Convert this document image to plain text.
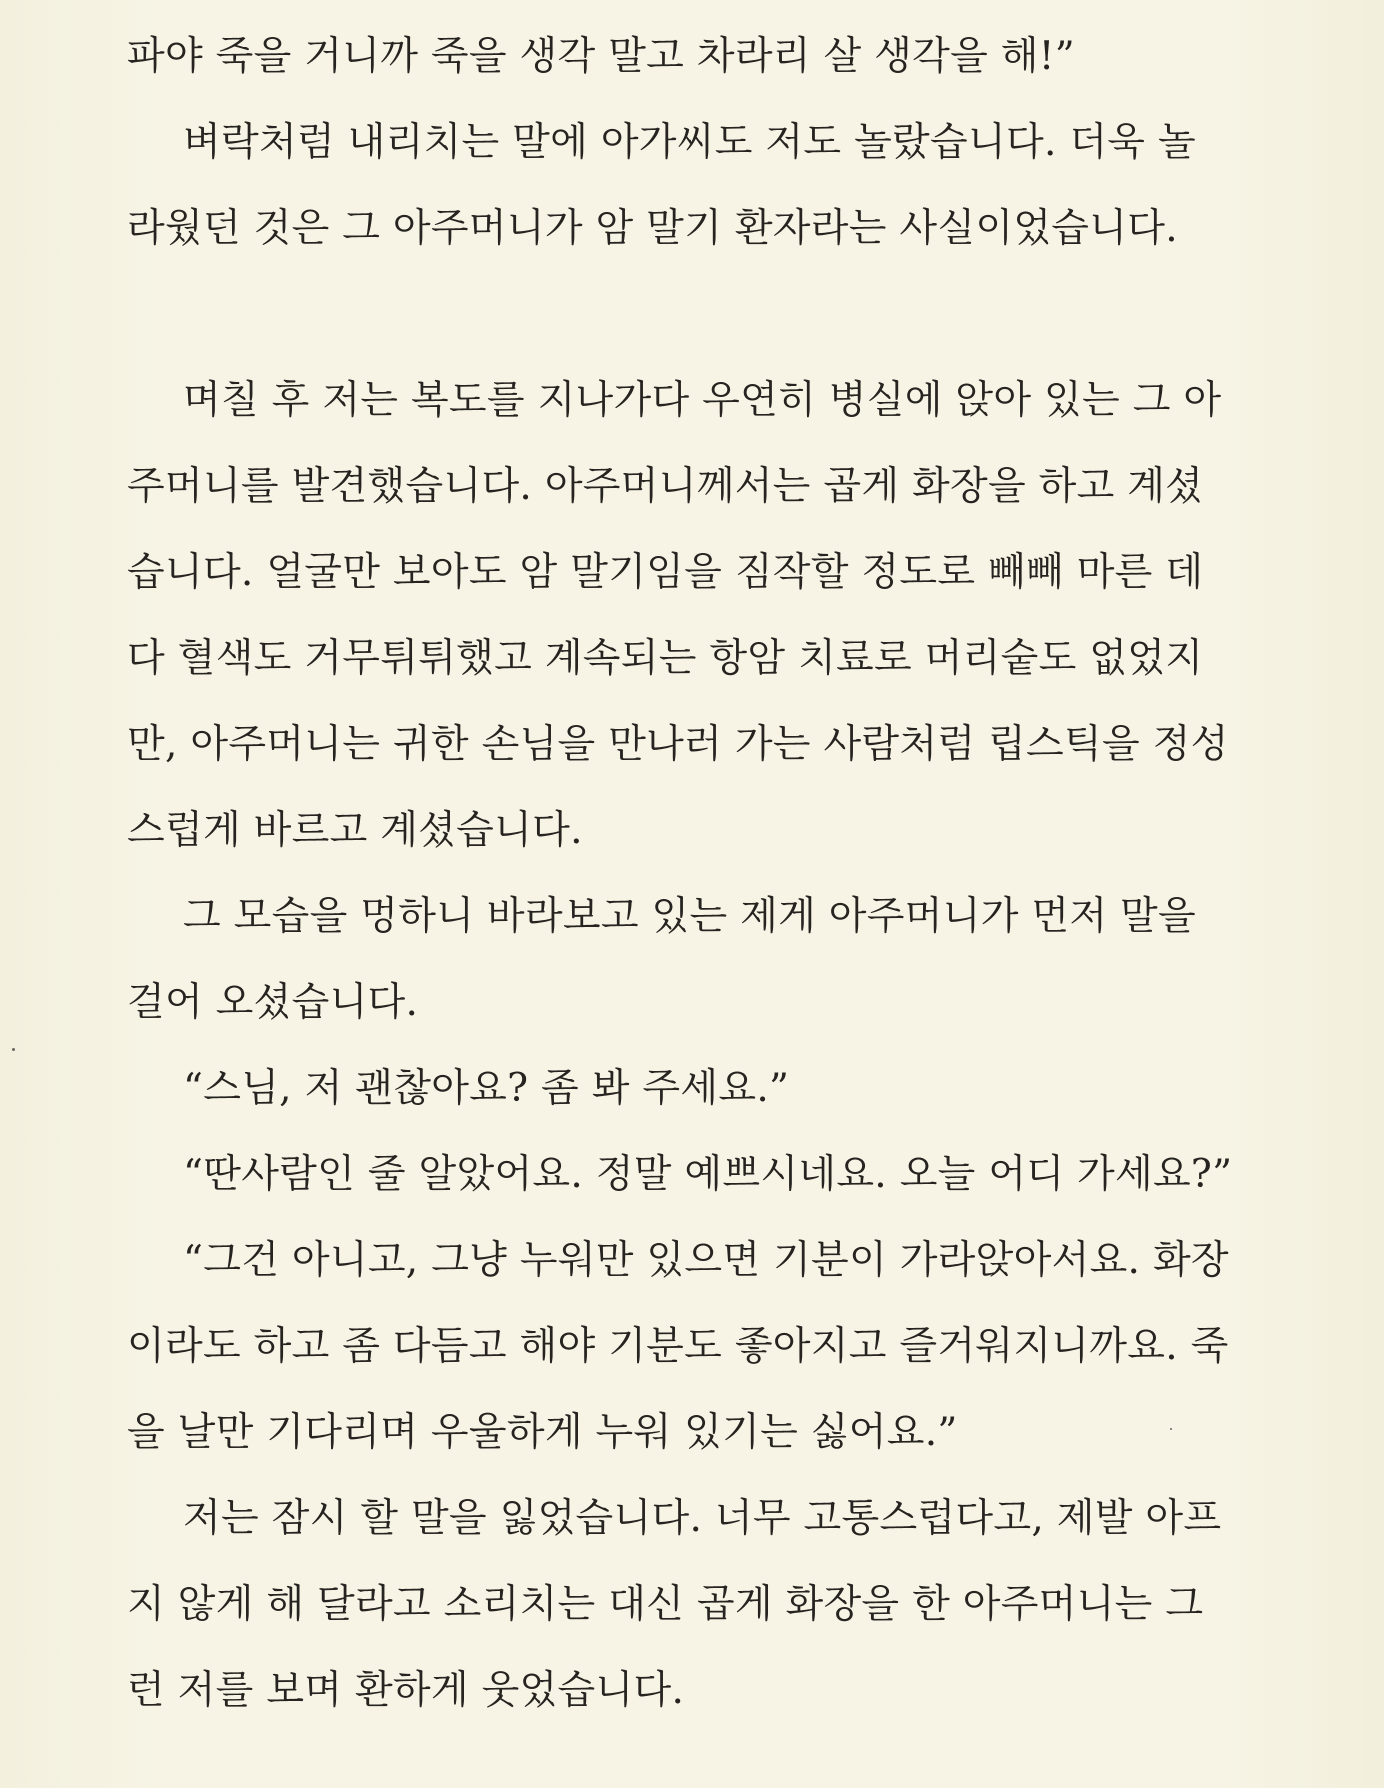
파야 죽을 거니까 죽을 생각 말고 차라리 살 생각을 해!”
벼락처럼 내리치는 말에 아가씨도 저도 놀랐습니다. 더욱 놀
라웠던 것은 그 아주머니가 암 말기 환자라는 사실이었습니다.
며칠 후 저는 복도를 지나가다 우연히 병실에 앉아 있는 그 아
주머니를 발견했습니다. 아주머니께서는 곱게 화장을 하고 계셨
습니다. 얼굴만 보아도 암 말기임을 짐작할 정도로 빼빼 마른 데
다 혈색도 거무튀튀했고 계속되는 항암 치료로 머리숱도 없었지
만, 아주머니는 귀한 손님을 만나러 가는 사람처럼 립스틱을 정성
스럽게 바르고 계셨습니다.
그 모습을 멍하니 바라보고 있는 제게 아주머니가 먼저 말을
걸어 오셨습니다.
“스님, 저 괜찮아요? 좀 봐 주세요.”
“딴사람인 줄 알았어요. 정말 예쁘시네요. 오늘 어디 가세요?”
“그건 아니고, 그냥 누워만 있으면 기분이 가라앉아서요. 화장
이라도 하고 좀 다듬고 해야 기분도 좋아지고 즐거워지니까요. 죽
을 날만 기다리며 우울하게 누워 있기는 싫어요.”
저는 잠시 할 말을 잃었습니다. 너무 고통스럽다고, 제발 아프
지 않게 해 달라고 소리치는 대신 곱게 화장을 한 아주머니는 그
런 저를 보며 환하게 웃었습니다.
